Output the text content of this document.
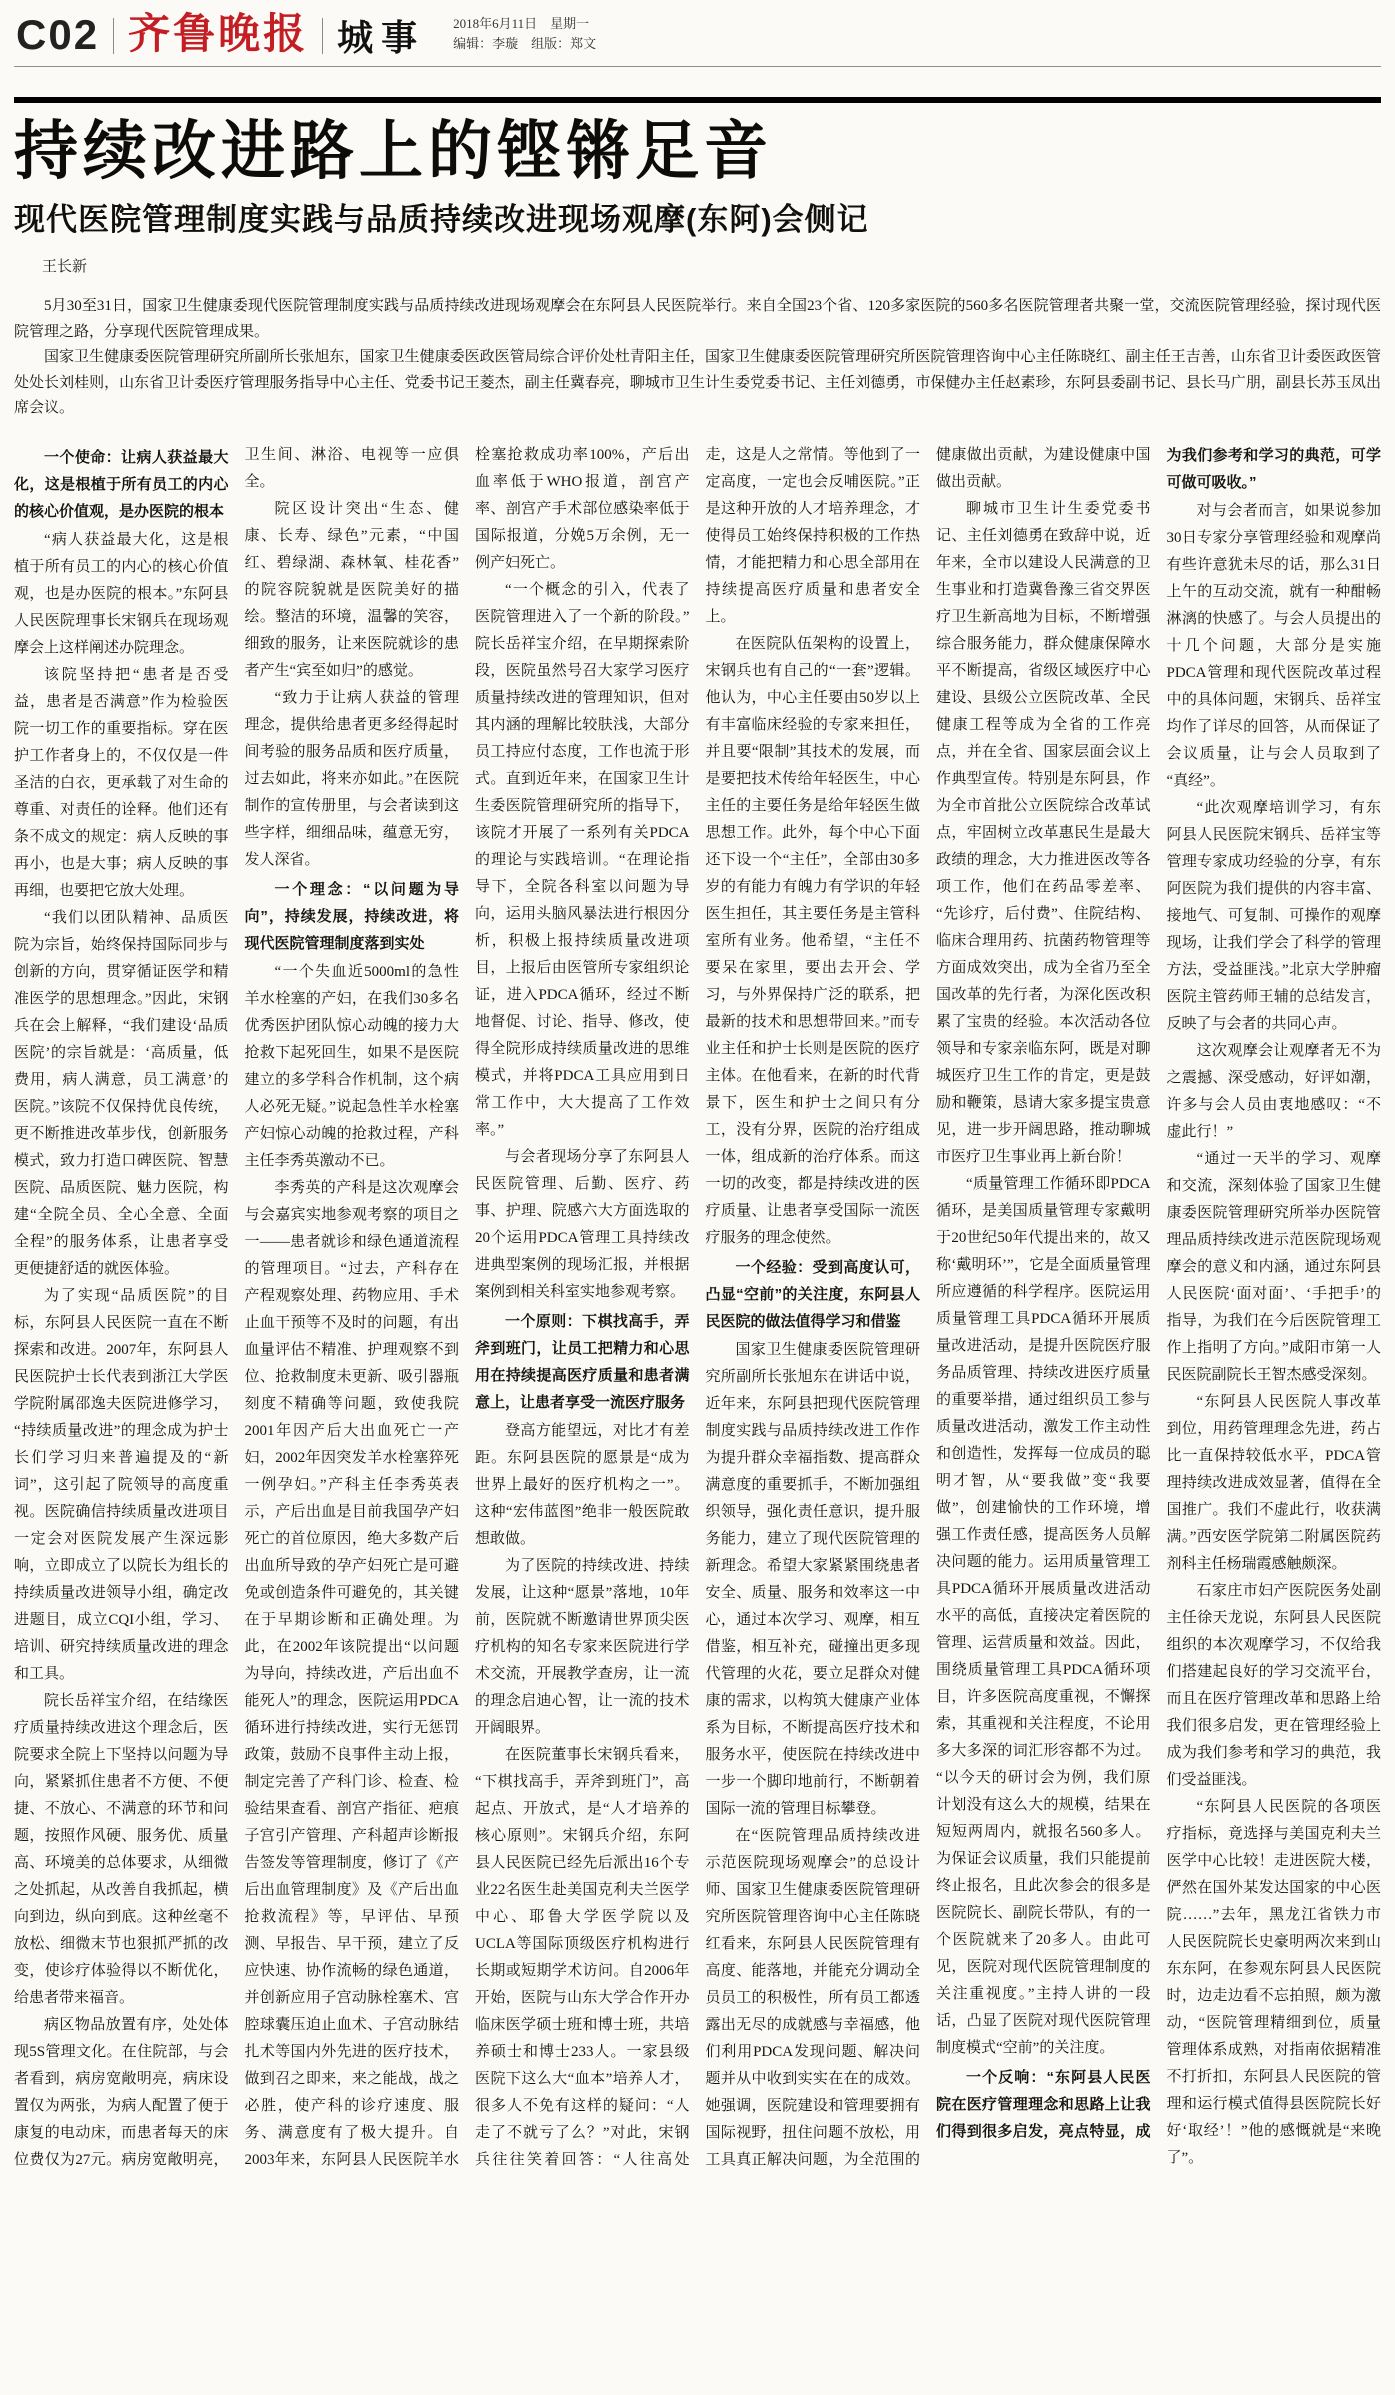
C02 齐鲁晚报 城事 2018年6月11日　星期一
编辑：李璇　组版：郑文
持续改进路上的铿锵足音
现代医院管理制度实践与品质持续改进现场观摩(东阿)会侧记
王长新

5月30至31日，国家卫生健康委现代医院管理制度实践与品质持续改进现场观摩会在东阿县人民医院举行。来自全国23个省、120多家医院的560多名医院管理者共聚一堂，交流医院管理经验，探讨现代医院管理之路，分享现代医院管理成果。

国家卫生健康委医院管理研究所副所长张旭东，国家卫生健康委医政医管局综合评价处杜青阳主任，国家卫生健康委医院管理研究所医院管理咨询中心主任陈晓红、副主任王吉善，山东省卫计委医政医管处处长刘桂则，山东省卫计委医疗管理服务指导中心主任、党委书记王菱杰，副主任冀春亮，聊城市卫生计生委党委书记、主任刘德勇，市保健办主任赵素珍，东阿县委副书记、县长马广朋，副县长苏玉凤出席会议。

一个使命：让病人获益最大化，这是根植于所有员工的内心的核心价值观，是办医院的根本

“病人获益最大化，这是根植于所有员工的内心的核心价值观，也是办医院的根本。”东阿县人民医院理事长宋钢兵在现场观摩会上这样阐述办院理念。

该院坚持把“患者是否受益，患者是否满意”作为检验医院一切工作的重要指标。穿在医护工作者身上的，不仅仅是一件圣洁的白衣，更承载了对生命的尊重、对责任的诠释。他们还有条不成文的规定：病人反映的事再小，也是大事；病人反映的事再细，也要把它放大处理。

“我们以团队精神、品质医院为宗旨，始终保持国际同步与创新的方向，贯穿循证医学和精准医学的思想理念。”因此，宋钢兵在会上解释，“我们建设‘品质医院’的宗旨就是：‘高质量，低费用，病人满意，员工满意’的医院。”该院不仅保持优良传统，更不断推进改革步伐，创新服务模式，致力打造口碑医院、智慧医院、品质医院、魅力医院，构建“全院全员、全心全意、全面全程”的服务体系，让患者享受更便捷舒适的就医体验。

为了实现“品质医院”的目标，东阿县人民医院一直在不断探索和改进。2007年，东阿县人民医院护士长代表到浙江大学医学院附属邵逸夫医院进修学习，“持续质量改进”的理念成为护士长们学习归来普遍提及的“新词”，这引起了院领导的高度重视。医院确信持续质量改进项目一定会对医院发展产生深远影响，立即成立了以院长为组长的持续质量改进领导小组，确定改进题目，成立CQI小组，学习、培训、研究持续质量改进的理念和工具。

院长岳祥宝介绍，在结缘医疗质量持续改进这个理念后，医院要求全院上下坚持以问题为导向，紧紧抓住患者不方便、不便捷、不放心、不满意的环节和问题，按照作风硬、服务优、质量高、环境美的总体要求，从细微之处抓起，从改善自我抓起，横向到边，纵向到底。这种丝毫不放松、细微末节也狠抓严抓的改变，使诊疗体验得以不断优化，给患者带来福音。

病区物品放置有序，处处体现5S管理文化。在住院部，与会者看到，病房宽敞明亮，病床设置仅为两张，为病人配置了便于康复的电动床，而患者每天的床位费仅为27元。病房宽敞明亮，卫生间、淋浴、电视等一应俱全。

院区设计突出“生态、健康、长寿、绿色”元素，“中国红、碧绿湖、森林氧、桂花香”的院容院貌就是医院美好的描绘。整洁的环境，温馨的笑容，细致的服务，让来医院就诊的患者产生“宾至如归”的感觉。

“致力于让病人获益的管理理念，提供给患者更多经得起时间考验的服务品质和医疗质量，过去如此，将来亦如此。”在医院制作的宣传册里，与会者读到这些字样，细细品味，蕴意无穷，发人深省。

一个理念：“以问题为导向”，持续发展，持续改进，将现代医院管理制度落到实处

“一个失血近5000ml的急性羊水栓塞的产妇，在我们30多名优秀医护团队惊心动魄的接力大抢救下起死回生，如果不是医院建立的多学科合作机制，这个病人必死无疑。”说起急性羊水栓塞产妇惊心动魄的抢救过程，产科主任李秀英激动不已。

李秀英的产科是这次观摩会与会嘉宾实地参观考察的项目之一——患者就诊和绿色通道流程的管理项目。“过去，产科存在产程观察处理、药物应用、手术止血干预等不及时的问题，有出血量评估不精准、护理观察不到位、抢救制度未更新、吸引器瓶刻度不精确等问题，致使我院2001年因产后大出血死亡一产妇，2002年因突发羊水栓塞猝死一例孕妇。”产科主任李秀英表示，产后出血是目前我国孕产妇死亡的首位原因，绝大多数产后出血所导致的孕产妇死亡是可避免或创造条件可避免的，其关键在于早期诊断和正确处理。为此，在2002年该院提出“以问题为导向，持续改进，产后出血不能死人”的理念，医院运用PDCA循环进行持续改进，实行无惩罚政策，鼓励不良事件主动上报，制定完善了产科门诊、检查、检验结果查看、剖宫产指征、疤痕子宫引产管理、产科超声诊断报告签发等管理制度，修订了《产后出血管理制度》及《产后出血抢救流程》等，早评估、早预测、早报告、早干预，建立了反应快速、协作流畅的绿色通道，并创新应用子宫动脉栓塞术、宫腔球囊压迫止血术、子宫动脉结扎术等国内外先进的医疗技术，做到召之即来，来之能战，战之必胜，使产科的诊疗速度、服务、满意度有了极大提升。自2003年来，东阿县人民医院羊水栓塞抢救成功率100%，产后出血率低于WHO报道，剖宫产率、剖宫产手术部位感染率低于国际报道，分娩5万余例，无一例产妇死亡。

“一个概念的引入，代表了医院管理进入了一个新的阶段。”院长岳祥宝介绍，在早期探索阶段，医院虽然号召大家学习医疗质量持续改进的管理知识，但对其内涵的理解比较肤浅，大部分员工持应付态度，工作也流于形式。直到近年来，在国家卫生计生委医院管理研究所的指导下，该院才开展了一系列有关PDCA的理论与实践培训。“在理论指导下，全院各科室以问题为导向，运用头脑风暴法进行根因分析，积极上报持续质量改进项目，上报后由医管所专家组织论证，进入PDCA循环，经过不断地督促、讨论、指导、修改，使得全院形成持续质量改进的思维模式，并将PDCA工具应用到日常工作中，大大提高了工作效率。”

与会者现场分享了东阿县人民医院管理、后勤、医疗、药事、护理、院感六大方面选取的20个运用PDCA管理工具持续改进典型案例的现场汇报，并根据案例到相关科室实地参观考察。

一个原则：下棋找高手，弄斧到班门，让员工把精力和心思用在持续提高医疗质量和患者满意上，让患者享受一流医疗服务

登高方能望远，对比才有差距。东阿县医院的愿景是“成为世界上最好的医疗机构之一”。这种“宏伟蓝图”绝非一般医院敢想敢做。

为了医院的持续改进、持续发展，让这种“愿景”落地，10年前，医院就不断邀请世界顶尖医疗机构的知名专家来医院进行学术交流，开展教学查房，让一流的理念启迪心智，让一流的技术开阔眼界。

在医院董事长宋钢兵看来，“下棋找高手，弄斧到班门”，高起点、开放式，是“人才培养的核心原则”。宋钢兵介绍，东阿县人民医院已经先后派出16个专业22名医生赴美国克利夫兰医学中心、耶鲁大学医学院以及UCLA等国际顶级医疗机构进行长期或短期学术访问。自2006年开始，医院与山东大学合作开办临床医学硕士班和博士班，共培养硕士和博士233人。一家县级医院下这么大“血本”培养人才，很多人不免有这样的疑问：“人走了不就亏了么？”对此，宋钢兵往往笑着回答：“人往高处走，这是人之常情。等他到了一定高度，一定也会反哺医院。”正是这种开放的人才培养理念，才使得员工始终保持积极的工作热情，才能把精力和心思全部用在持续提高医疗质量和患者安全上。

在医院队伍架构的设置上，宋钢兵也有自己的“一套”逻辑。他认为，中心主任要由50岁以上有丰富临床经验的专家来担任，并且要“限制”其技术的发展，而是要把技术传给年轻医生，中心主任的主要任务是给年轻医生做思想工作。此外，每个中心下面还下设一个“主任”，全部由30多岁的有能力有魄力有学识的年轻医生担任，其主要任务是主管科室所有业务。他希望，“主任不要呆在家里，要出去开会、学习，与外界保持广泛的联系，把最新的技术和思想带回来。”而专业主任和护士长则是医院的医疗主体。在他看来，在新的时代背景下，医生和护士之间只有分工，没有分界，医院的治疗组成一体，组成新的治疗体系。而这一切的改变，都是持续改进的医疗质量、让患者享受国际一流医疗服务的理念使然。

一个经验：受到高度认可，凸显“空前”的关注度，东阿县人民医院的做法值得学习和借鉴

国家卫生健康委医院管理研究所副所长张旭东在讲话中说，近年来，东阿县把现代医院管理制度实践与品质持续改进工作作为提升群众幸福指数、提高群众满意度的重要抓手，不断加强组织领导，强化责任意识，提升服务能力，建立了现代医院管理的新理念。希望大家紧紧围绕患者安全、质量、服务和效率这一中心，通过本次学习、观摩，相互借鉴，相互补充，碰撞出更多现代管理的火花，要立足群众对健康的需求，以构筑大健康产业体系为目标，不断提高医疗技术和服务水平，使医院在持续改进中一步一个脚印地前行，不断朝着国际一流的管理目标攀登。

在“医院管理品质持续改进示范医院现场观摩会”的总设计师、国家卫生健康委医院管理研究所医院管理咨询中心主任陈晓红看来，东阿县人民医院管理有高度、能落地，并能充分调动全员员工的积极性，所有员工都透露出无尽的成就感与幸福感，他们利用PDCA发现问题、解决问题并从中收到实实在在的成效。她强调，医院建设和管理要拥有国际视野，扭住问题不放松，用工具真正解决问题，为全范围的健康做出贡献，为建设健康中国做出贡献。

聊城市卫生计生委党委书记、主任刘德勇在致辞中说，近年来，全市以建设人民满意的卫生事业和打造冀鲁豫三省交界医疗卫生新高地为目标，不断增强综合服务能力，群众健康保障水平不断提高，省级区域医疗中心建设、县级公立医院改革、全民健康工程等成为全省的工作亮点，并在全省、国家层面会议上作典型宣传。特别是东阿县，作为全市首批公立医院综合改革试点，牢固树立改革惠民生是最大政绩的理念，大力推进医改等各项工作，他们在药品零差率、“先诊疗，后付费”、住院结构、临床合理用药、抗菌药物管理等方面成效突出，成为全省乃至全国改革的先行者，为深化医改积累了宝贵的经验。本次活动各位领导和专家亲临东阿，既是对聊城医疗卫生工作的肯定，更是鼓励和鞭策，恳请大家多提宝贵意见，进一步开阔思路，推动聊城市医疗卫生事业再上新台阶！

“质量管理工作循环即PDCA循环，是美国质量管理专家戴明于20世纪50年代提出来的，故又称‘戴明环’”，它是全面质量管理所应遵循的科学程序。医院运用质量管理工具PDCA循环开展质量改进活动，是提升医院医疗服务品质管理、持续改进医疗质量的重要举措，通过组织员工参与质量改进活动，激发工作主动性和创造性，发挥每一位成员的聪明才智，从“要我做”变“我要做”，创建愉快的工作环境，增强工作责任感，提高医务人员解决问题的能力。运用质量管理工具PDCA循环开展质量改进活动水平的高低，直接决定着医院的管理、运营质量和效益。因此，围绕质量管理工具PDCA循环项目，许多医院高度重视，不懈探索，其重视和关注程度，不论用多大多深的词汇形容都不为过。“以今天的研讨会为例，我们原计划没有这么大的规模，结果在短短两周内，就报名560多人。为保证会议质量，我们只能提前终止报名，且此次参会的很多是医院院长、副院长带队，有的一个医院就来了20多人。由此可见，医院对现代医院管理制度的关注重视度。”主持人讲的一段话，凸显了医院对现代医院管理制度模式“空前”的关注度。

一个反响：“东阿县人民医院在医疗管理理念和思路上让我们得到很多启发，亮点特显，成为我们参考和学习的典范，可学可做可吸收。”

对与会者而言，如果说参加30日专家分享管理经验和观摩尚有些许意犹未尽的话，那么31日上午的互动交流，就有一种酣畅淋漓的快感了。与会人员提出的十几个问题，大部分是实施PDCA管理和现代医院改革过程中的具体问题，宋钢兵、岳祥宝均作了详尽的回答，从而保证了会议质量，让与会人员取到了“真经”。

“此次观摩培训学习，有东阿县人民医院宋钢兵、岳祥宝等管理专家成功经验的分享，有东阿医院为我们提供的内容丰富、接地气、可复制、可操作的观摩现场，让我们学会了科学的管理方法，受益匪浅。”北京大学肿瘤医院主管药师王辅的总结发言，反映了与会者的共同心声。

这次观摩会让观摩者无不为之震撼、深受感动，好评如潮，许多与会人员由衷地感叹：“不虚此行！”

“通过一天半的学习、观摩和交流，深刻体验了国家卫生健康委医院管理研究所举办医院管理品质持续改进示范医院现场观摩会的意义和内涵，通过东阿县人民医院‘面对面’、‘手把手’的指导，为我们在今后医院管理工作上指明了方向。”咸阳市第一人民医院副院长王智杰感受深刻。

“东阿县人民医院人事改革到位，用药管理理念先进，药占比一直保持较低水平，PDCA管理持续改进成效显著，值得在全国推广。我们不虚此行，收获满满。”西安医学院第二附属医院药剂科主任杨瑞霞感触颇深。

石家庄市妇产医院医务处副主任徐天龙说，东阿县人民医院组织的本次观摩学习，不仅给我们搭建起良好的学习交流平台，而且在医疗管理改革和思路上给我们很多启发，更在管理经验上成为我们参考和学习的典范，我们受益匪浅。

“东阿县人民医院的各项医疗指标，竟选择与美国克利夫兰医学中心比较！走进医院大楼，俨然在国外某发达国家的中心医院……”去年，黑龙江省铁力市人民医院院长史豪明两次来到山东东阿，在参观东阿县人民医院时，边走边看不忘拍照，颇为激动，“医院管理精细到位，质量管理体系成熟，对指南依据精准不打折扣，东阿县人民医院的管理和运行模式值得县医院院长好好‘取经’！”他的感慨就是“来晚了”。
